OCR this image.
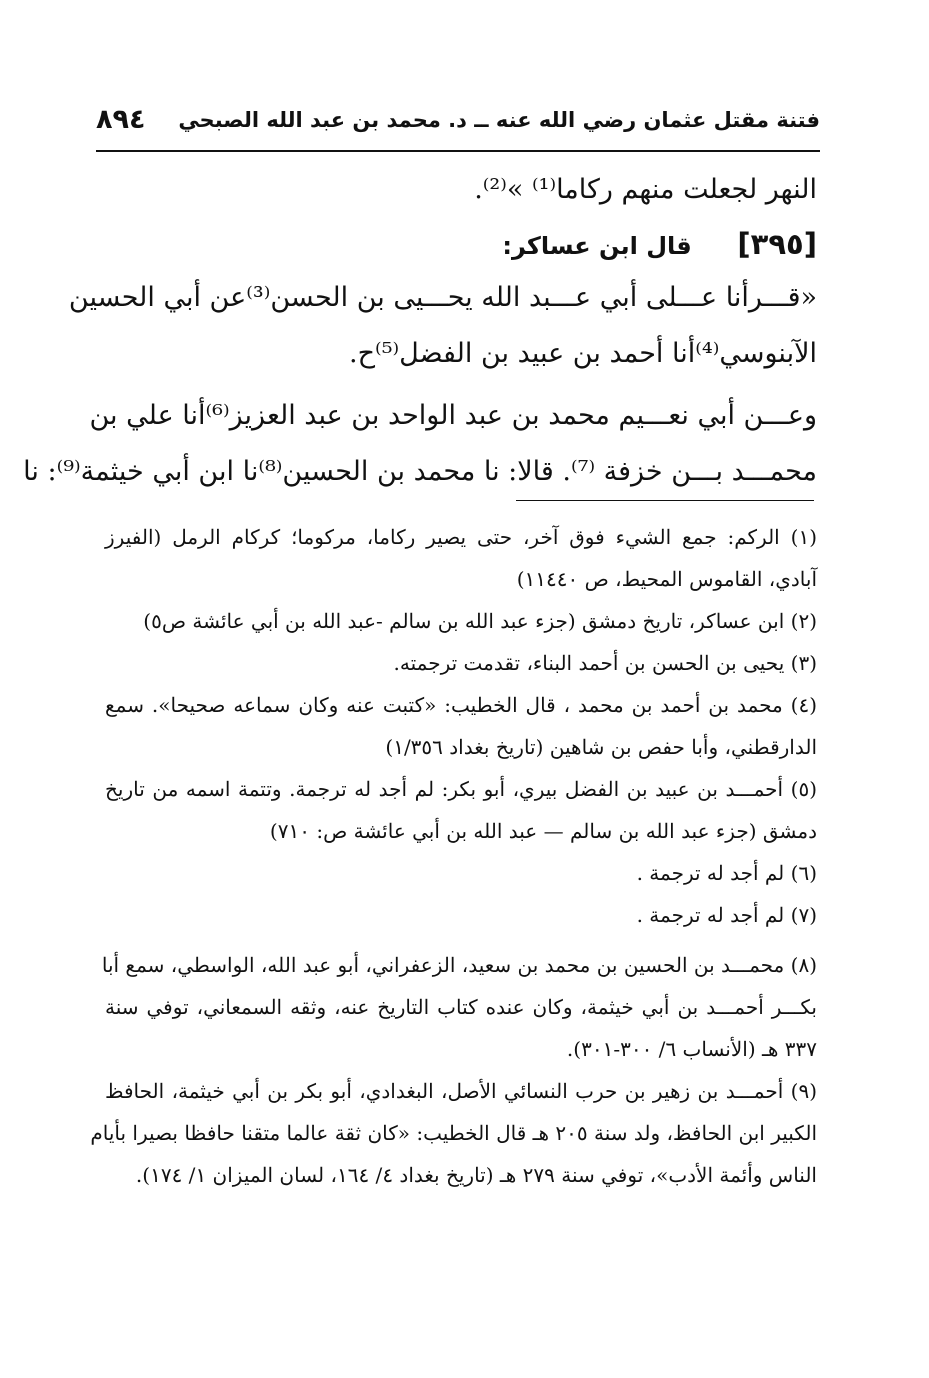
فتنة مقتل عثمان رضي الله عنه ــ د. محمد بن عبد الله الصبحي
٨٩٤
النهر لجعلت منهم ركاما⁽¹⁾ »⁽²⁾.
[٣٩٥] قال ابن عساكر:
«قـــرأنا عـــلى أبي عـــبد الله يحـــيى بن الحسن⁽³⁾عن أبي الحسين
الآبنوسي⁽⁴⁾أنا أحمد بن عبيد بن الفضل⁽⁵⁾ح.
وعـــن أبي نعـــيم محمد بن عبد الواحد بن عبد العزيز⁽⁶⁾أنا علي بن
محمـــد بـــن خزفة ⁽⁷⁾. قالا: نا محمد بن الحسين⁽⁸⁾نا ابن أبي خيثمة⁽⁹⁾: نا
(١) الركم: جمع الشيء فوق آخر، حتى يصير ركاما، مركوما؛ كركام الرمل (الفيرز
آبادي، القاموس المحيط، ص ١١٤٤٠)
(٢) ابن عساكر، تاريخ دمشق (جزء عبد الله بن سالم -عبد الله بن أبي عائشة ص٥)
(٣) يحيى بن الحسن بن أحمد البناء، تقدمت ترجمته.
(٤) محمد بن أحمد بن محمد ، قال الخطيب: «كتبت عنه وكان سماعه صحيحا». سمع
الدارقطني، وأبا حفص بن شاهين (تاريخ بغداد ١/٣٥٦)
(٥) أحمـــد بن عبيد بن الفضل بيري، أبو بكر: لم أجد له ترجمة. وتتمة اسمه من تاريخ
دمشق (جزء عبد الله بن سالم — عبد الله بن أبي عائشة ص: ٧١٠)
(٦) لم أجد له ترجمة .
(٧) لم أجد له ترجمة .
(٨) محمـــد بن الحسين بن محمد بن سعيد، الزعفراني، أبو عبد الله، الواسطي، سمع أبا
بكـــر أحمـــد بن أبي خيثمة، وكان عنده كتاب التاريخ عنه، وثقه السمعاني، توفي سنة
٣٣٧ هـ (الأنساب ٦/ ٣٠٠-٣٠١).
(٩) أحمـــد بن زهير بن حرب النسائي الأصل، البغدادي، أبو بكر بن أبي خيثمة، الحافظ
الكبير ابن الحافظ، ولد سنة ٢٠٥ هـ قال الخطيب: «كان ثقة عالما متقنا حافظا بصيرا بأيام
الناس وأئمة الأدب»، توفي سنة ٢٧٩ هـ (تاريخ بغداد ٤/ ١٦٤، لسان الميزان ١/ ١٧٤).
